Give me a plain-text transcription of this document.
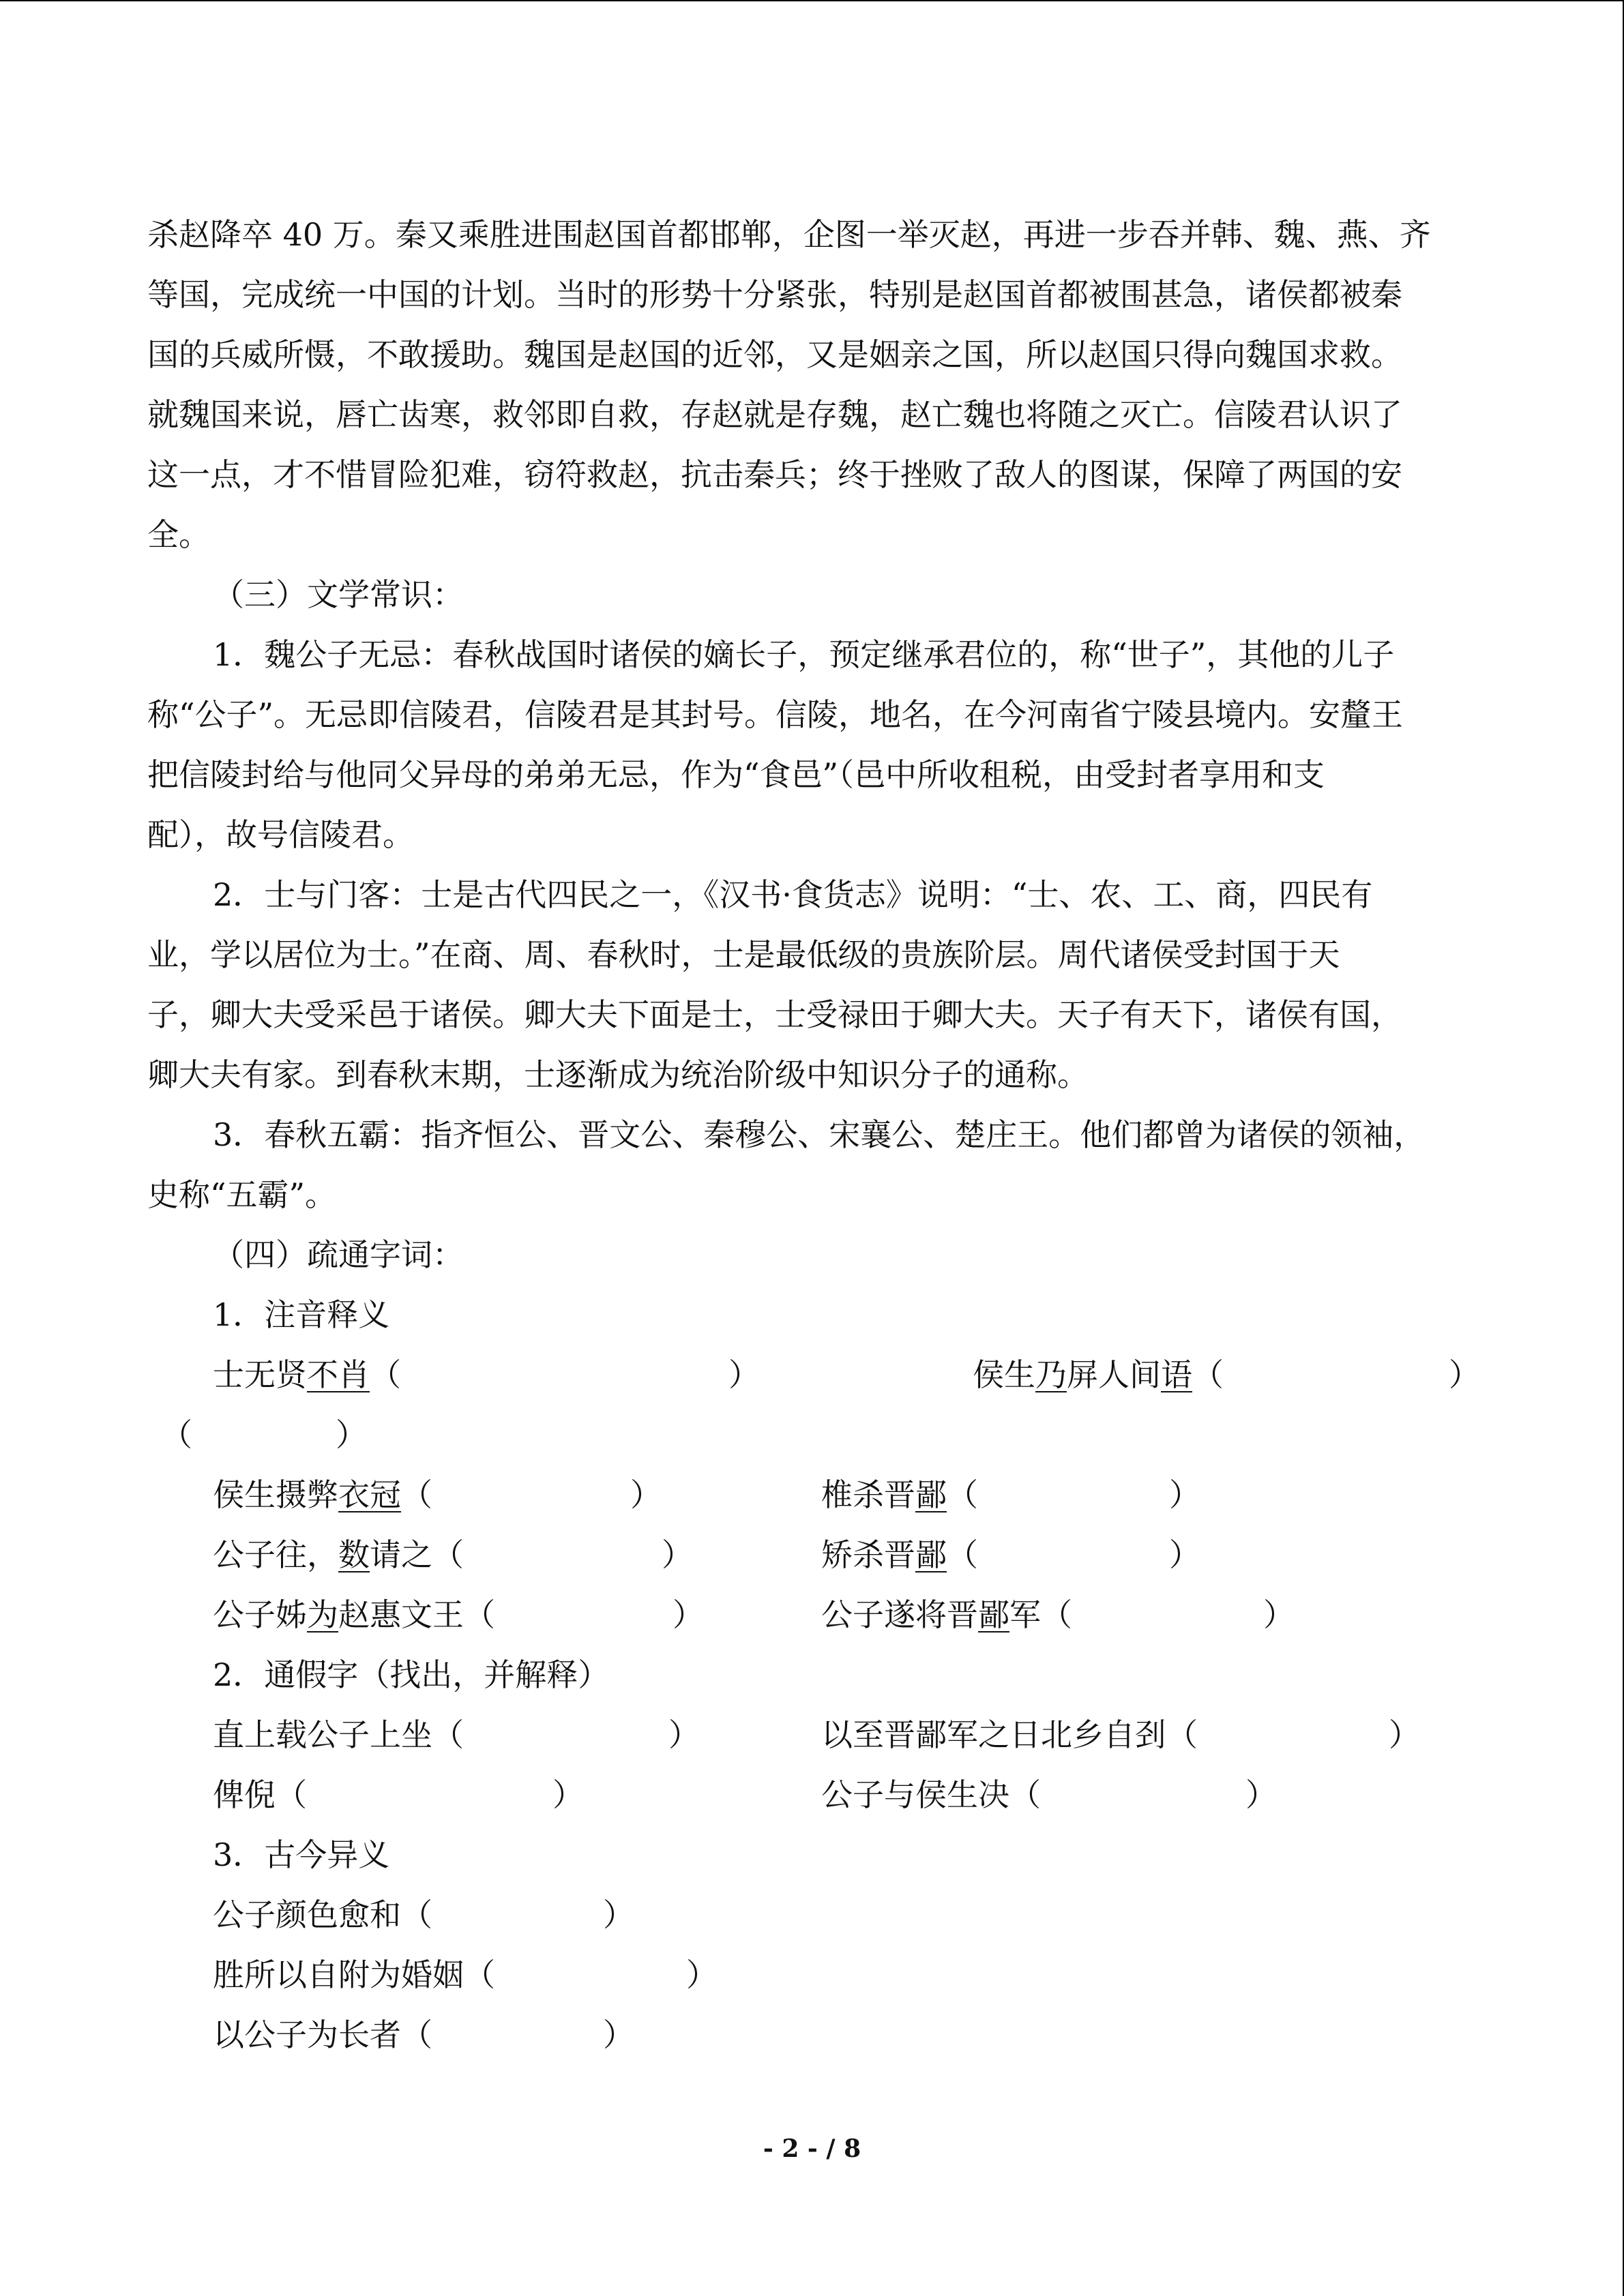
杀赵降卒 40 万。秦又乘胜进围赵国首都邯郸，企图一举灭赵，再进一步吞并韩、魏、燕、齐

等国，完成统一中国的计划。当时的形势十分紧张，特别是赵国首都被围甚急，诸侯都被秦

国的兵威所慑，不敢援助。魏国是赵国的近邻，又是姻亲之国，所以赵国只得向魏国求救。

就魏国来说，唇亡齿寒，救邻即自救，存赵就是存魏，赵亡魏也将随之灭亡。信陵君认识了

这一点，才不惜冒险犯难，窃符救赵，抗击秦兵；终于挫败了敌人的图谋，保障了两国的安

全。

（三）文学常识：

1．魏公子无忌：春秋战国时诸侯的嫡长子，预定继承君位的，称“世子”，其他的儿子

称“公子”。无忌即信陵君，信陵君是其封号。信陵，地名，在今河南省宁陵县境内。安釐王

把信陵封给与他同父异母的弟弟无忌，作为“食邑”（邑中所收租税，由受封者享用和支

配），故号信陵君。

2．士与门客：士是古代四民之一，《汉书·食货志》说明：“士、农、工、商，四民有

业，学以居位为士。”在商、周、春秋时，士是最低级的贵族阶层。周代诸侯受封国于天

子，卿大夫受采邑于诸侯。卿大夫下面是士，士受禄田于卿大夫。天子有天下，诸侯有国，

卿大夫有家。到春秋末期，士逐渐成为统治阶级中知识分子的通称。

3．春秋五霸：指齐恒公、晋文公、秦穆公、宋襄公、楚庄王。他们都曾为诸侯的领袖，

史称“五霸”。

（四）疏通字词：

1．注音释义

士无贤不肖（	）	侯生乃屏人间语（	）
（	）
侯生摄弊衣冠（	）	椎杀晋鄙（	）
公子往，数请之（	）	矫杀晋鄙（	）
公子姊为赵惠文王（	）	公子遂将晋鄙军（	）

2．通假字（找出，并解释）

直上载公子上坐（	）	以至晋鄙军之日北乡自刭（	）
俾倪（	）	公子与侯生决（	）

3．古今异义

公子颜色愈和（	）
胜所以自附为婚姻（	）
以公子为长者（	）
- 2 - / 8
